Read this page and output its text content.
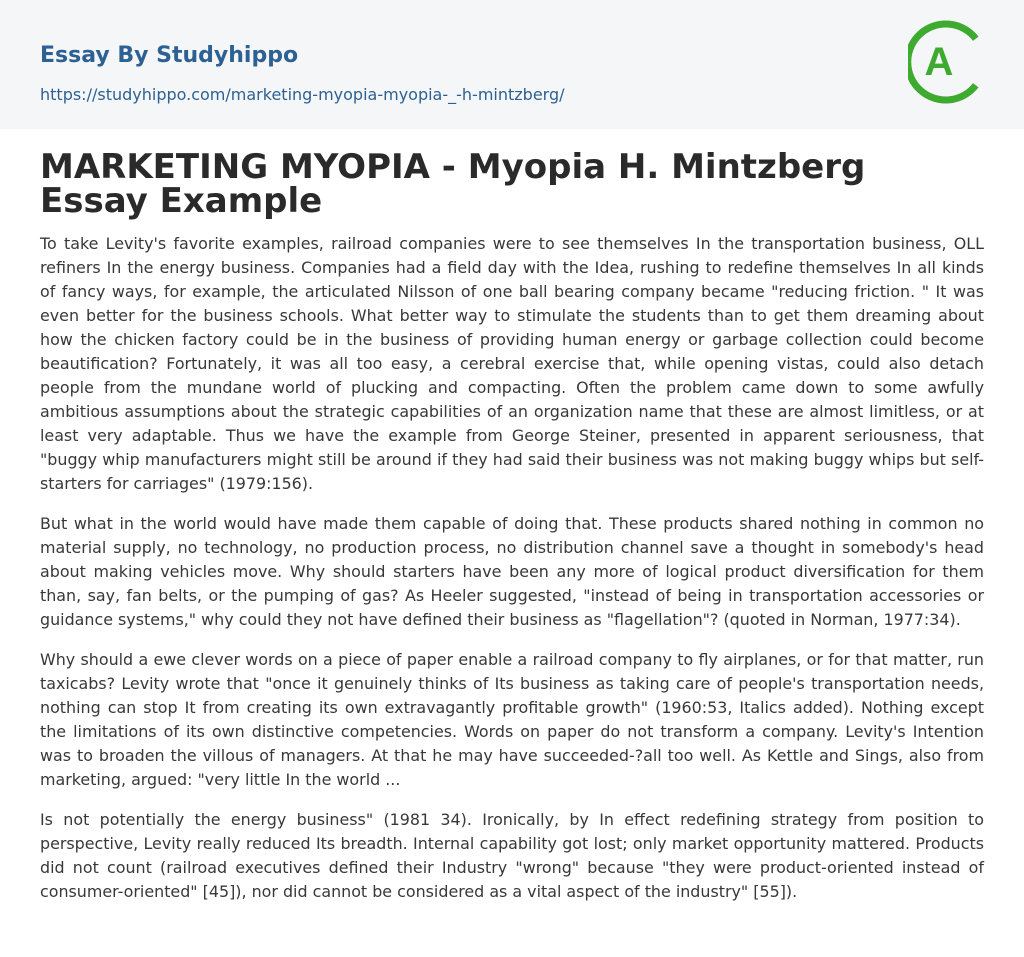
Essay By Studyhippo
https://studyhippo.com/marketing-myopia-myopia-_-h-mintzberg/
A
MARKETING MYOPIA - Myopia H. Mintzberg Essay Example

To take Levity's favorite examples, railroad companies were to see themselves In the transportation business, OLL refiners In the energy business. Companies had a field day with the Idea, rushing to redefine themselves In all kinds of fancy ways, for example, the articulated Nilsson of one ball bearing company became "reducing friction. " It was even better for the business schools. What better way to stimulate the students than to get them dreaming about how the chicken factory could be in the business of providing human energy or garbage collection could become beautification? Fortunately, it was all too easy, a cerebral exercise that, while opening vistas, could also detach people from the mundane world of plucking and compacting. Often the problem came down to some awfully ambitious assumptions about the strategic capabilities of an organization name that these are almost limitless, or at least very adaptable. Thus we have the example from George Steiner, presented in apparent seriousness, that "buggy whip manufacturers might still be around if they had said their business was not making buggy whips but self-starters for carriages" (1979:156).

But what in the world would have made them capable of doing that. These products shared nothing in common no material supply, no technology, no production process, no distribution channel save a thought in somebody's head about making vehicles move. Why should starters have been any more of logical product diversification for them than, say, fan belts, or the pumping of gas? As Heeler suggested, "instead of being in transportation accessories or guidance systems," why could they not have defined their business as "flagellation"? (quoted in Norman, 1977:34).

Why should a ewe clever words on a piece of paper enable a railroad company to fly airplanes, or for that matter, run taxicabs? Levity wrote that "once it genuinely thinks of Its business as taking care of people's transportation needs, nothing can stop It from creating its own extravagantly profitable growth" (1960:53, Italics added). Nothing except the limitations of its own distinctive competencies. Words on paper do not transform a company. Levity's Intention was to broaden the villous of managers. At that he may have succeeded-?all too well. As Kettle and Sings, also from marketing, argued: "very little In the world ...

Is not potentially the energy business" (1981 34). Ironically, by In effect redefining strategy from position to perspective, Levity really reduced Its breadth. Internal capability got lost; only market opportunity mattered. Products did not count (railroad executives defined their Industry "wrong" because "they were product-oriented instead of consumer-oriented" [45]), nor did cannot be considered as a vital aspect of the industry" [55]).
